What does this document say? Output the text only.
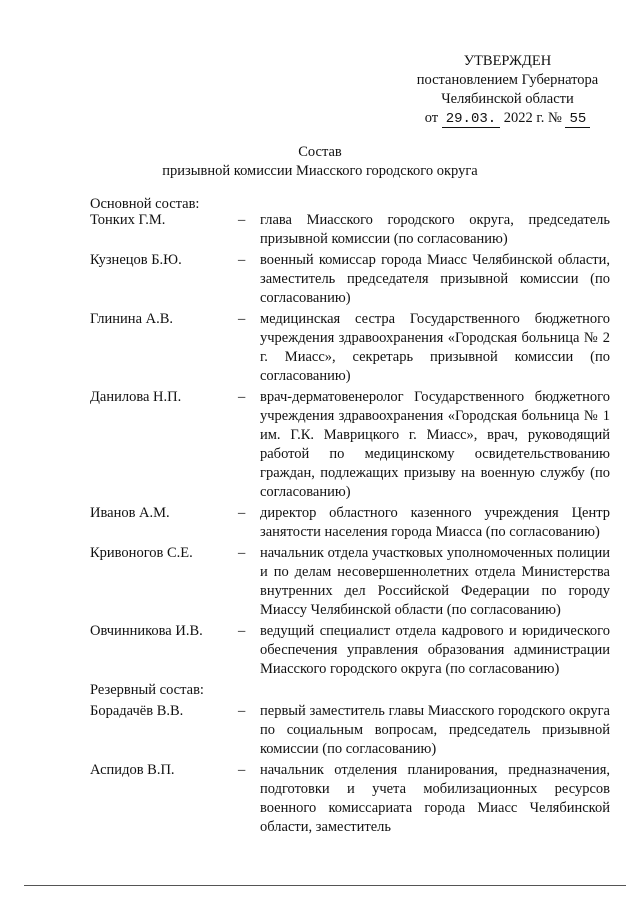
УТВЕРЖДЕН
постановлением Губернатора
Челябинской области
от 29.03. 2022 г. № 55
Состав
призывной комиссии Миасского городского округа
Основной состав:
Тонких Г.М.	–	глава Миасского городского округа, председатель призывной комиссии (по согласованию)
Кузнецов Б.Ю.	–	военный комиссар города Миасс Челябинской области, заместитель председателя призывной комиссии (по согласованию)
Глинина А.В.	–	медицинская сестра Государственного бюджетного учреждения здравоохранения «Городская больница № 2 г. Миасс», секретарь призывной комиссии (по согласованию)
Данилова Н.П.	–	врач-дерматовенеролог Государственного бюджетного учреждения здравоохранения «Городская больница № 1 им. Г.К. Маврицкого г. Миасс», врач, руководящий работой по медицинскому освидетельствованию граждан, подлежащих призыву на военную службу (по согласованию)
Иванов А.М.	–	директор областного казенного учреждения Центр занятости населения города Миасса (по согласованию)
Кривоногов С.Е.	–	начальник отдела участковых уполномоченных полиции и по делам несовершеннолетних отдела Министерства внутренних дел Российской Федерации по городу Миассу Челябинской области (по согласованию)
Овчинникова И.В.	–	ведущий специалист отдела кадрового и юридического обеспечения управления образования администрации Миасского городского округа (по согласованию)
Резервный состав:
Борадачёв В.В.	–	первый заместитель главы Миасского городского округа по социальным вопросам, председатель призывной комиссии (по согласованию)
Аспидов В.П.	–	начальник отделения планирования, предназначения, подготовки и учета мобилизационных ресурсов военного комиссариата города Миасс Челябинской области, заместитель
